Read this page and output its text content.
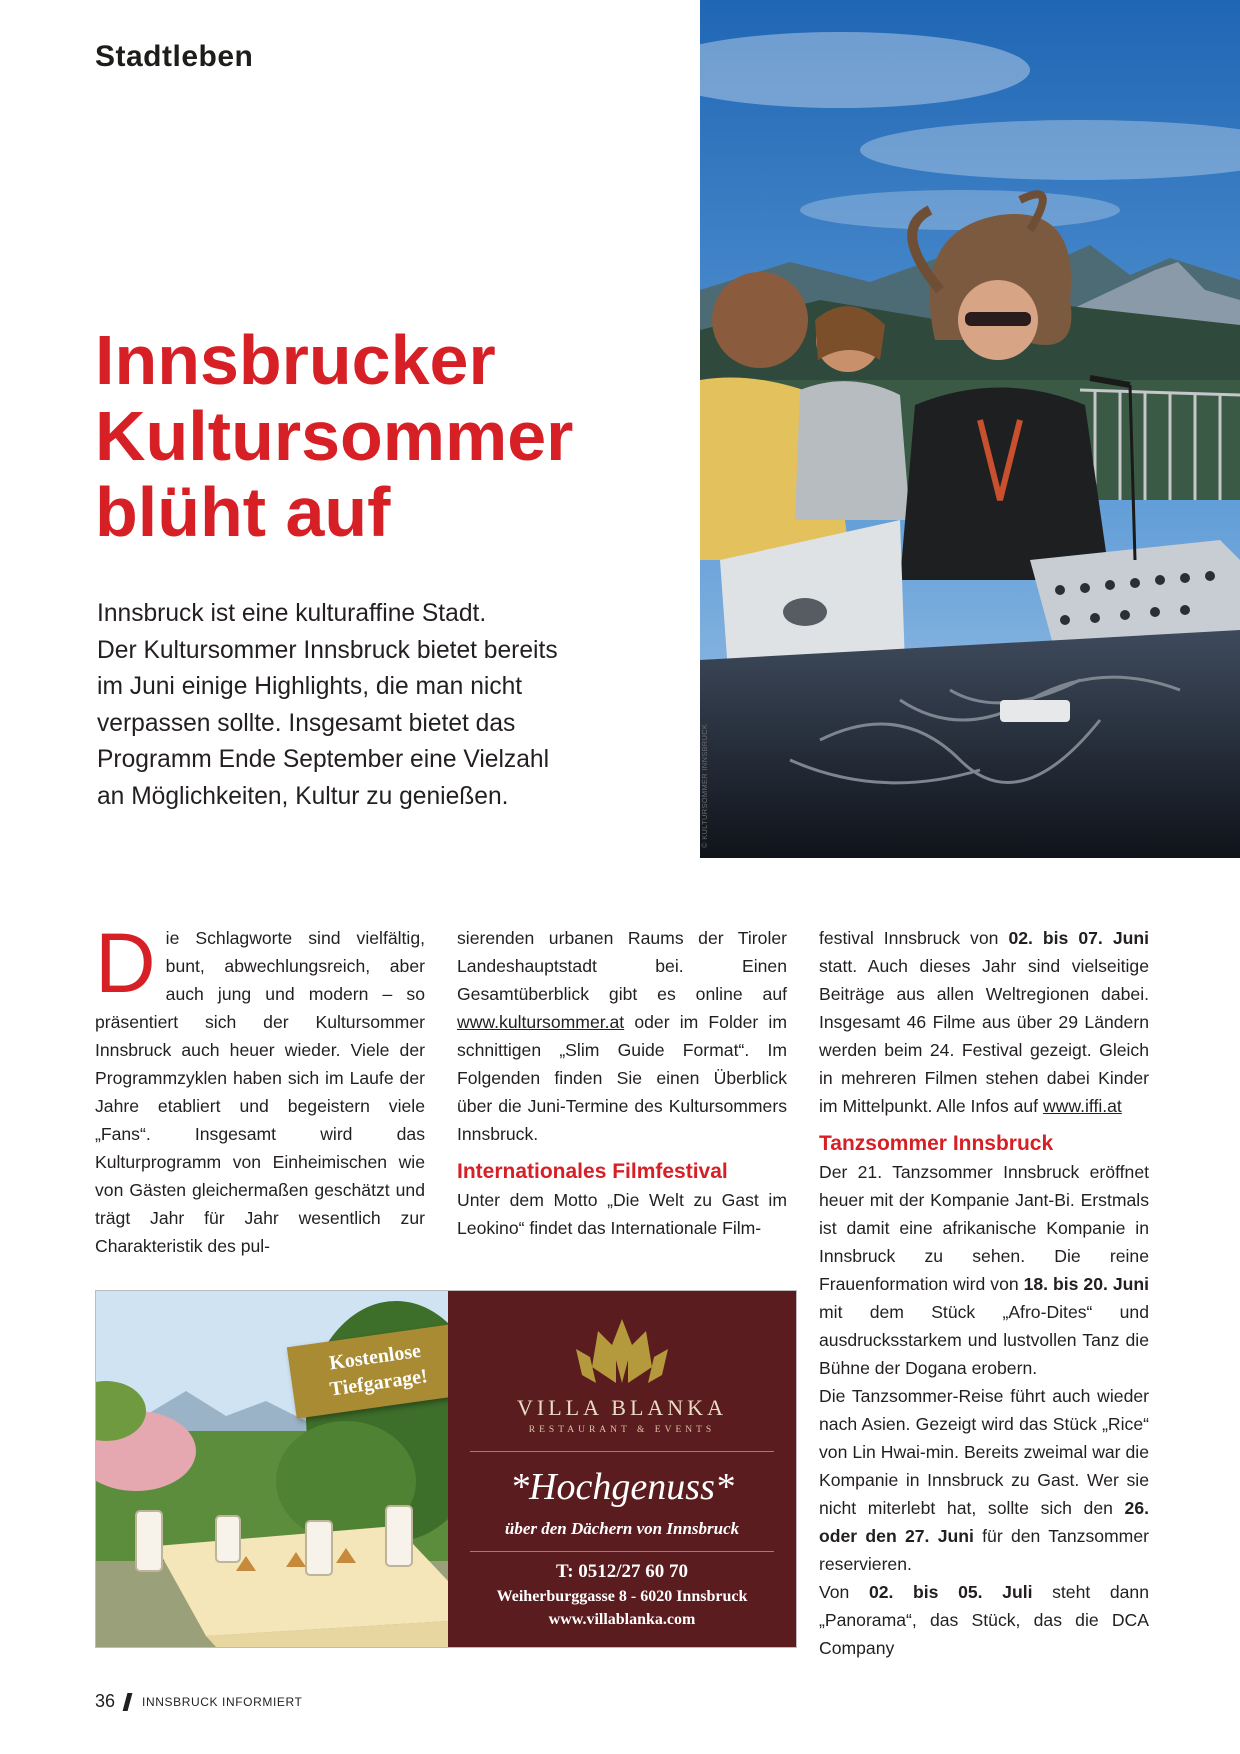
Stadtleben
© KULTURSOMMER INNSBRUCK
Innsbrucker
Kultursommer
blüht auf
Innsbruck ist eine kulturaffine Stadt.
Der Kultursommer Innsbruck bietet bereits
im Juni einige Highlights, die man nicht
verpassen sollte. Insgesamt bietet das
Programm Ende September eine Vielzahl
an Möglichkeiten, Kultur zu genießen.

Die Schlagworte sind vielfältig, bunt, abwechlungsreich, aber auch jung und modern – so präsentiert sich der Kultursommer Innsbruck auch heuer wieder. Viele der Programmzyklen haben sich im Laufe der Jahre etabliert und begeistern viele „Fans“. Insgesamt wird das Kulturprogramm von Einheimischen wie von Gästen gleichermaßen geschätzt und trägt Jahr für Jahr wesentlich zur Charakteristik des pul-

sierenden urbanen Raums der Tiroler Landeshauptstadt bei. Einen Gesamtüberblick gibt es online auf www.kultursommer.at oder im Folder im schnittigen „Slim Guide Format“. Im Folgenden finden Sie einen Überblick über die Juni-Termine des Kultursommers Innsbruck.

Internationales Filmfestival

Unter dem Motto „Die Welt zu Gast im Leokino“ findet das Internationale Film-

festival Innsbruck von 02. bis 07. Juni statt. Auch dieses Jahr sind vielseitige Beiträge aus allen Weltregionen dabei. Insgesamt 46 Filme aus über 29 Ländern werden beim 24. Festival gezeigt. Gleich in mehreren Filmen stehen dabei Kinder im Mittelpunkt. Alle Infos auf www.iffi.at

Tanzsommer Innsbruck

Der 21. Tanzsommer Innsbruck eröffnet heuer mit der Kompanie Jant-Bi. Erstmals ist damit eine afrikanische Kompanie in Innsbruck zu sehen. Die reine Frauenformation wird von 18. bis 20. Juni mit dem Stück „Afro-Dites“ und ausdrucksstarkem und lustvollen Tanz die Bühne der Dogana erobern.

Die Tanzsommer-Reise führt auch wieder nach Asien. Gezeigt wird das Stück „Rice“ von Lin Hwai-min. Bereits zweimal war die Kompanie in Innsbruck zu Gast. Wer sie nicht miterlebt hat, sollte sich den 26. oder den 27. Juni für den Tanzsommer reservieren.

Von 02. bis 05. Juli steht dann „Panorama“, das Stück, das die DCA Company

Kostenlose
Tiefgarage!
VILLA BLANKA
RESTAURANT & EVENTS
*Hochgenuss*
über den Dächern von Innsbruck
T: 0512/27 60 70
Weiherburggasse 8 - 6020 Innsbruck
www.villablanka.com
36 INNSBRUCK INFORMIERT
